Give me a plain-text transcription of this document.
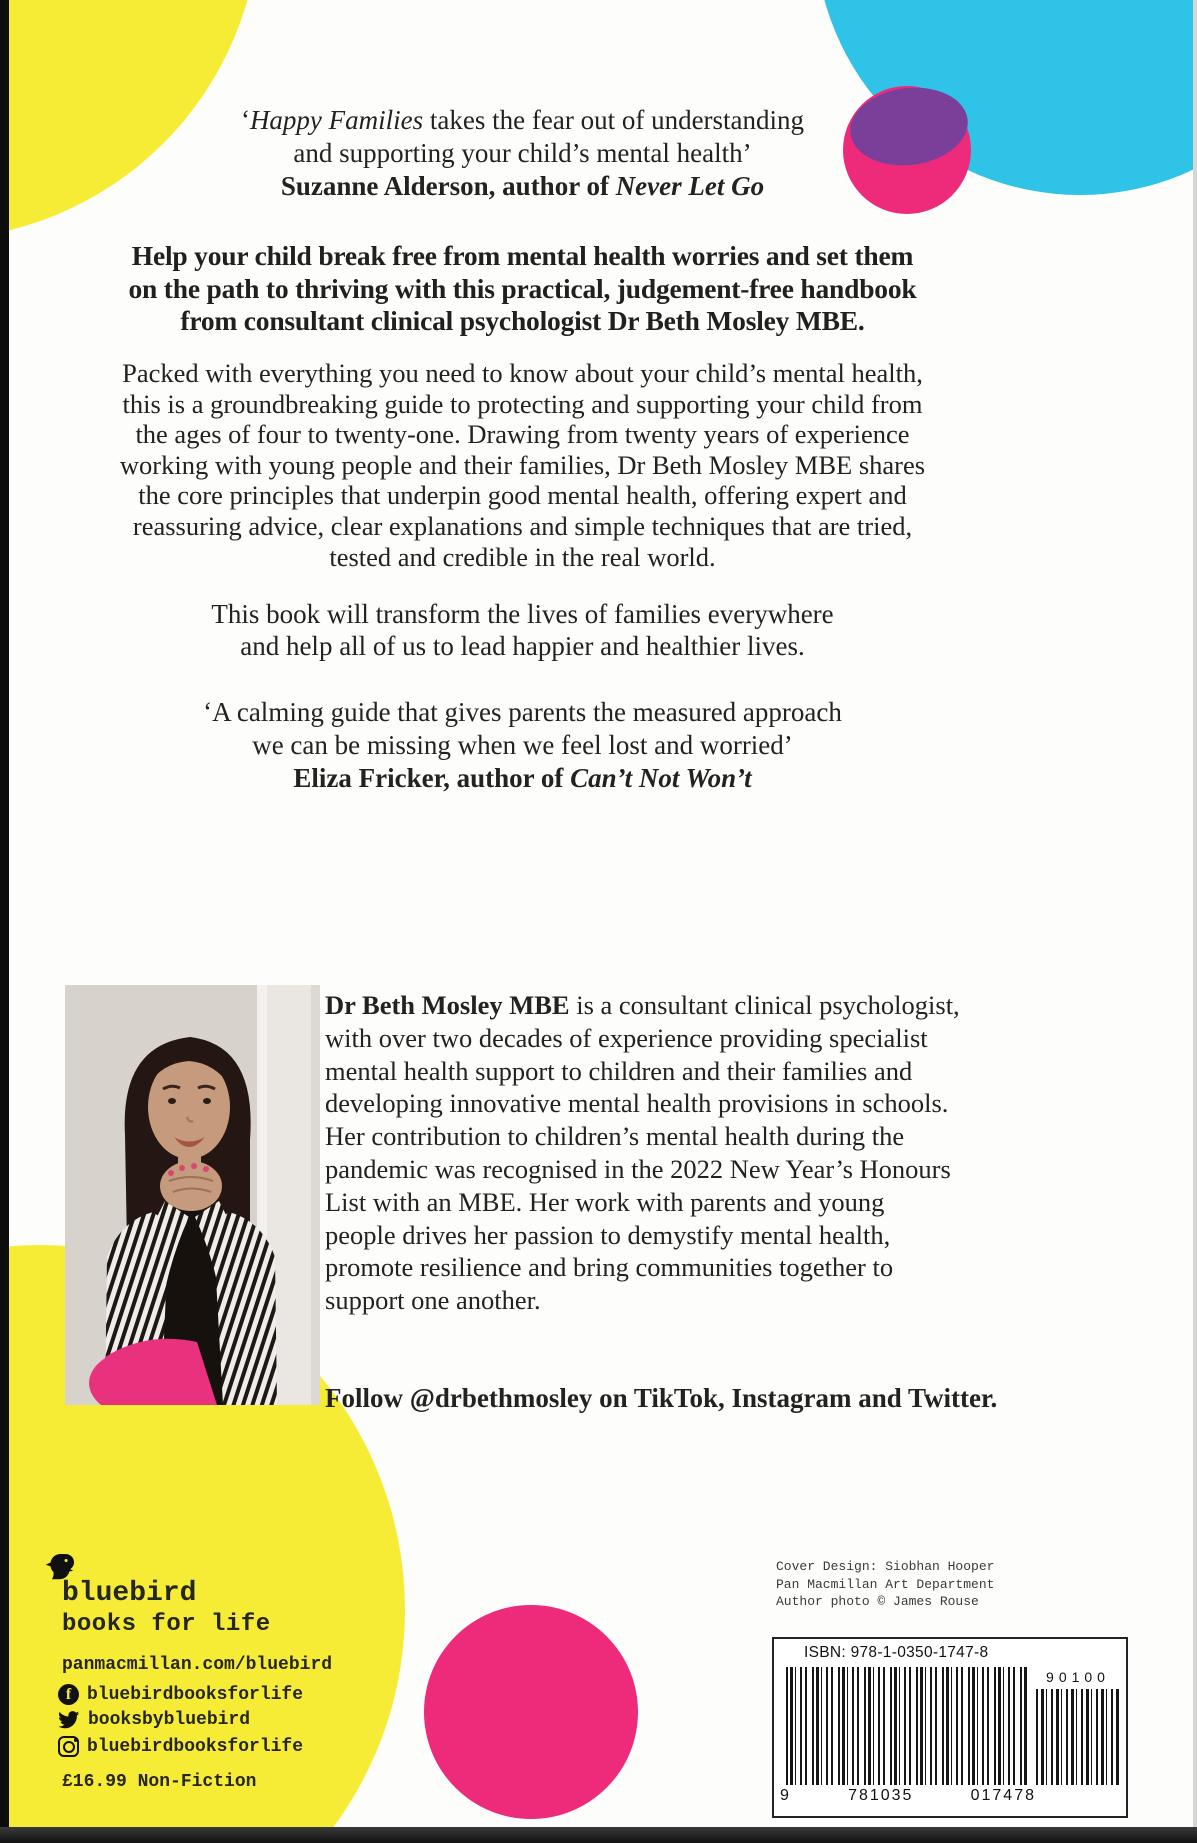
‘Happy Families takes the fear out of understanding
and supporting your child’s mental health’
Suzanne Alderson, author of Never Let Go
Help your child break free from mental health worries and set them
on the path to thriving with this practical, judgement-free handbook
from consultant clinical psychologist Dr Beth Mosley MBE.
Packed with everything you need to know about your child’s mental health,
this is a groundbreaking guide to protecting and supporting your child from
the ages of four to twenty-one. Drawing from twenty years of experience
working with young people and their families, Dr Beth Mosley MBE shares
the core principles that underpin good mental health, offering expert and
reassuring advice, clear explanations and simple techniques that are tried,
tested and credible in the real world.
This book will transform the lives of families everywhere
and help all of us to lead happier and healthier lives.
‘A calming guide that gives parents the measured approach
we can be missing when we feel lost and worried’
Eliza Fricker, author of Can’t Not Won’t
Dr Beth Mosley MBE is a consultant clinical psychologist,
with over two decades of experience providing specialist
mental health support to children and their families and
developing innovative mental health provisions in schools.
Her contribution to children’s mental health during the
pandemic was recognised in the 2022 New Year’s Honours
List with an MBE. Her work with parents and young
people drives her passion to demystify mental health,
promote resilience and bring communities together to
support one another.
Follow @drbethmosley on TikTok, Instagram and Twitter.
bluebird
books for life
panmacmillan.com/bluebird
f
bluebirdbooksforlife
booksbybluebird
bluebirdbooksforlife
£16.99 Non-Fiction
Cover Design: Siobhan Hooper
Pan Macmillan Art Department
Author photo © James Rouse
ISBN: 978-1-0350-1747-8
9	781035	017478
90100
